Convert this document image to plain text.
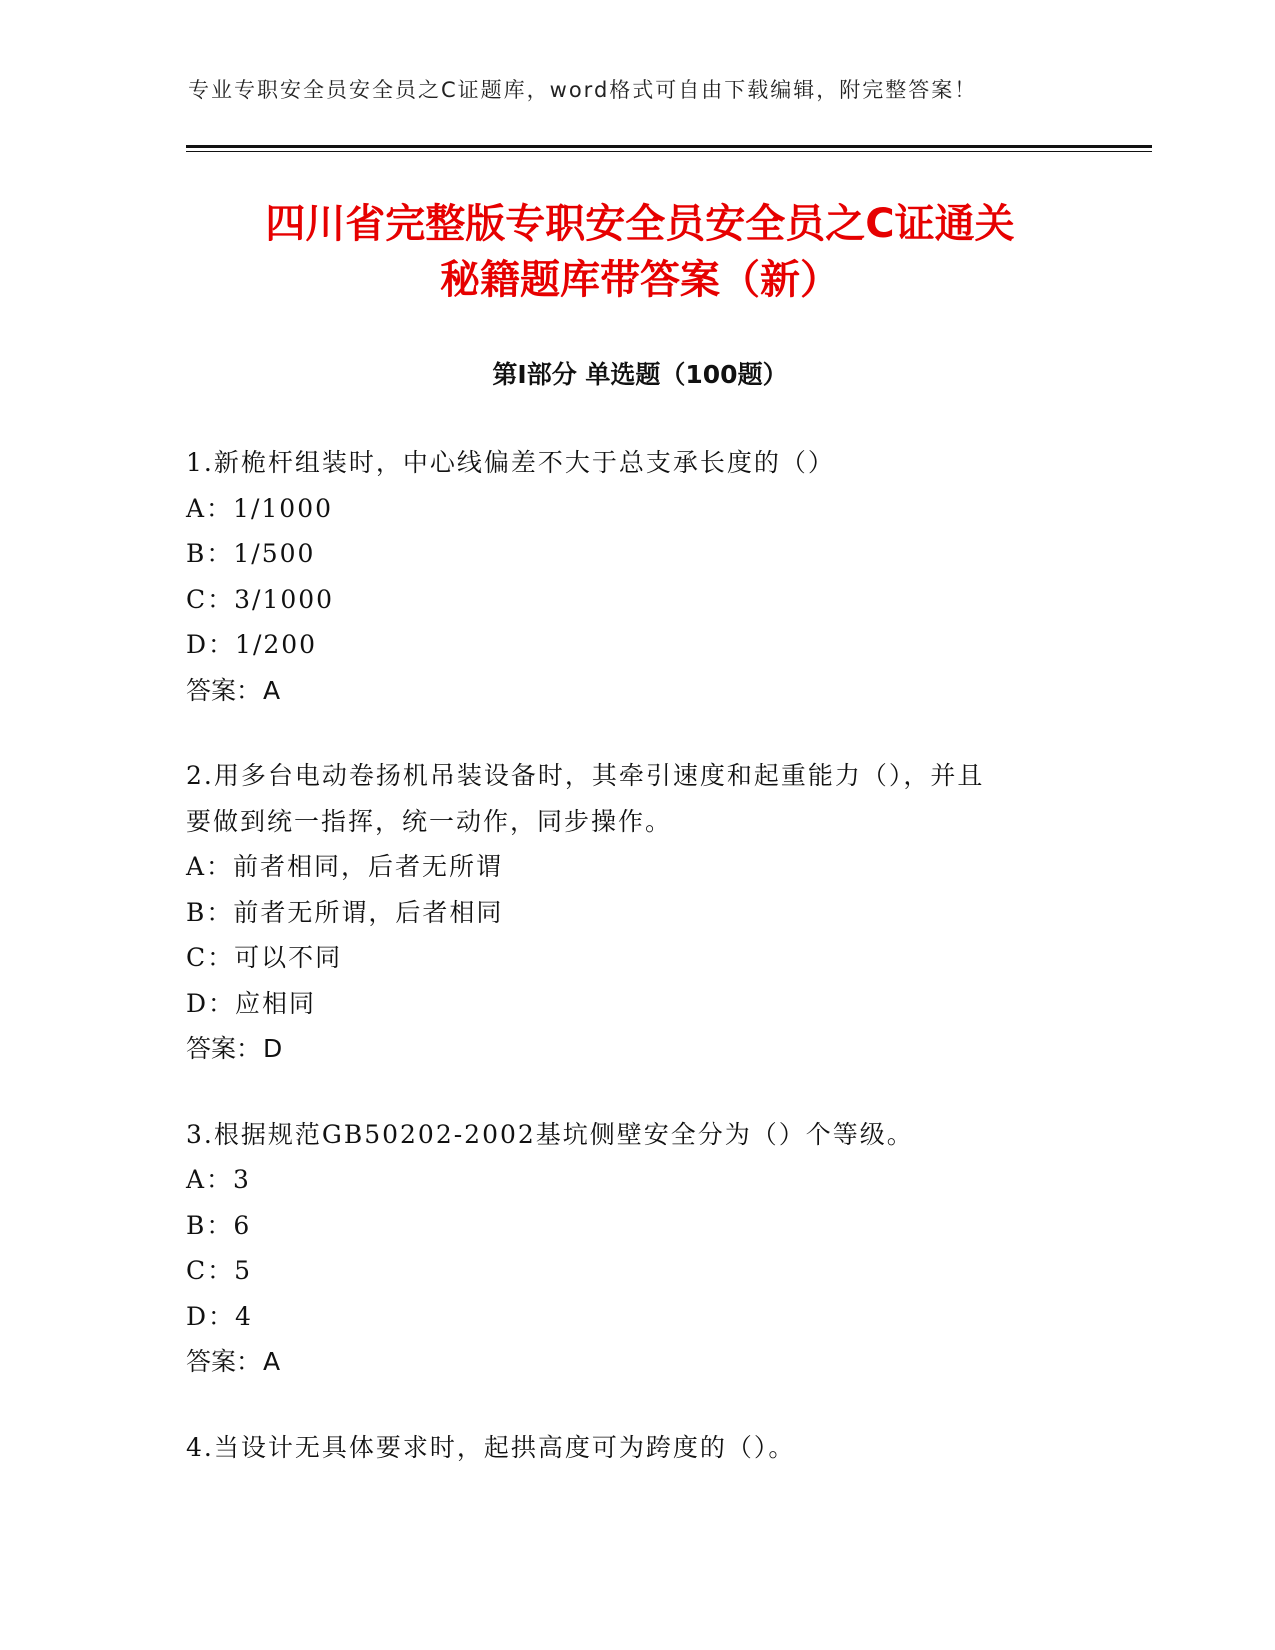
专业专职安全员安全员之C证题库，word格式可自由下载编辑，附完整答案！
四川省完整版专职安全员安全员之C证通关
秘籍题库带答案（新）
第Ⅰ部分 单选题（100题）
1.新桅杆组装时，中心线偏差不大于总支承长度的（）
A：1/1000
B：1/500
C：3/1000
D：1/200
答案：A
2.用多台电动卷扬机吊装设备时，其牵引速度和起重能力（），并且
要做到统一指挥，统一动作，同步操作。
A：前者相同，后者无所谓
B：前者无所谓，后者相同
C：可以不同
D：应相同
答案：D
3.根据规范GB50202-2002基坑侧壁安全分为（）个等级。
A：3
B：6
C：5
D：4
答案：A
4.当设计无具体要求时，起拱高度可为跨度的（）。
